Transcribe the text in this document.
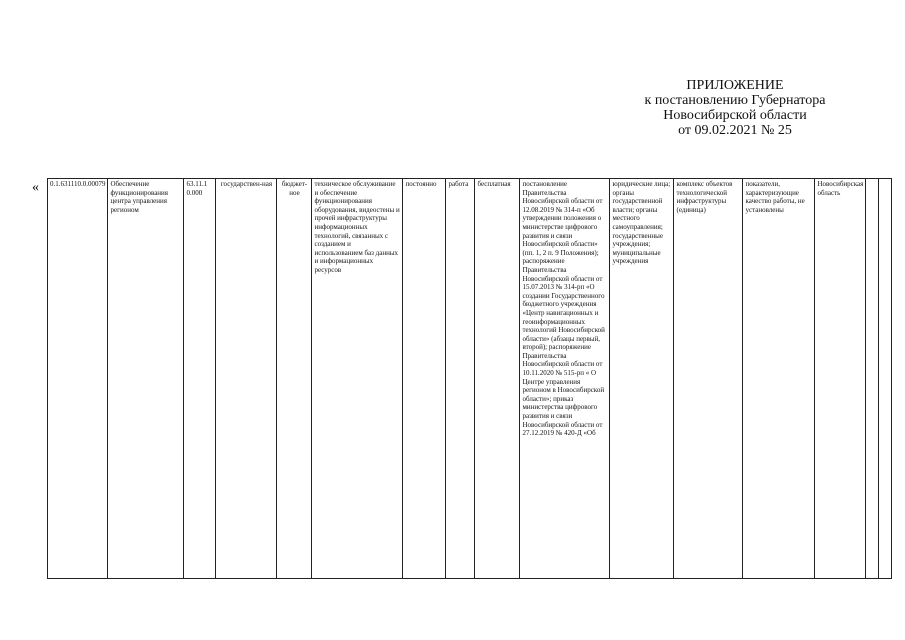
ПРИЛОЖЕНИЕ
к постановлению Губернатора
Новосибирской области
от 09.02.2021 № 25
« 0.1.631110.0.00079	Обеспечение функционирования центра управления регионом	63.11.1 0.000	государствен-ная	бюджет-ное	техническое обслуживание и обеспечение функционирования оборудования, видеостены и прочей инфраструктуры информационных технологий, связанных с созданием и использованием баз данных и информационных ресурсов	постоянно	работа	бесплатная	постановление Правительства Новосибирской области от 12.08.2019 № 314-п «Об утверждении положения о министерстве цифрового развития и связи Новосибирской области» (пп. 1, 2 п. 9 Положения); распоряжение Правительства Новосибирской области от 15.07.2013 № 314-рп «О создании Государственного бюджетного учреждения «Центр навигационных и геоинформационных технологий Новосибирской области» (абзацы первый, второй); распоряжение Правительства Новосибирской области от 10.11.2020 № 515-рп « О Центре управления регионом в Новосибирской области»; приказ министерства цифрового развития и связи Новосибирской области от 27.12.2019 № 420-Д «Об	юридические лица; органы государственной власти; органы местного самоуправления; государственные учреждения; муниципальные учреждения	комплекс объектов технологической инфраструктуры (единица)	показатели, характеризующие качество работы, не установлены	Новосибирская область		
